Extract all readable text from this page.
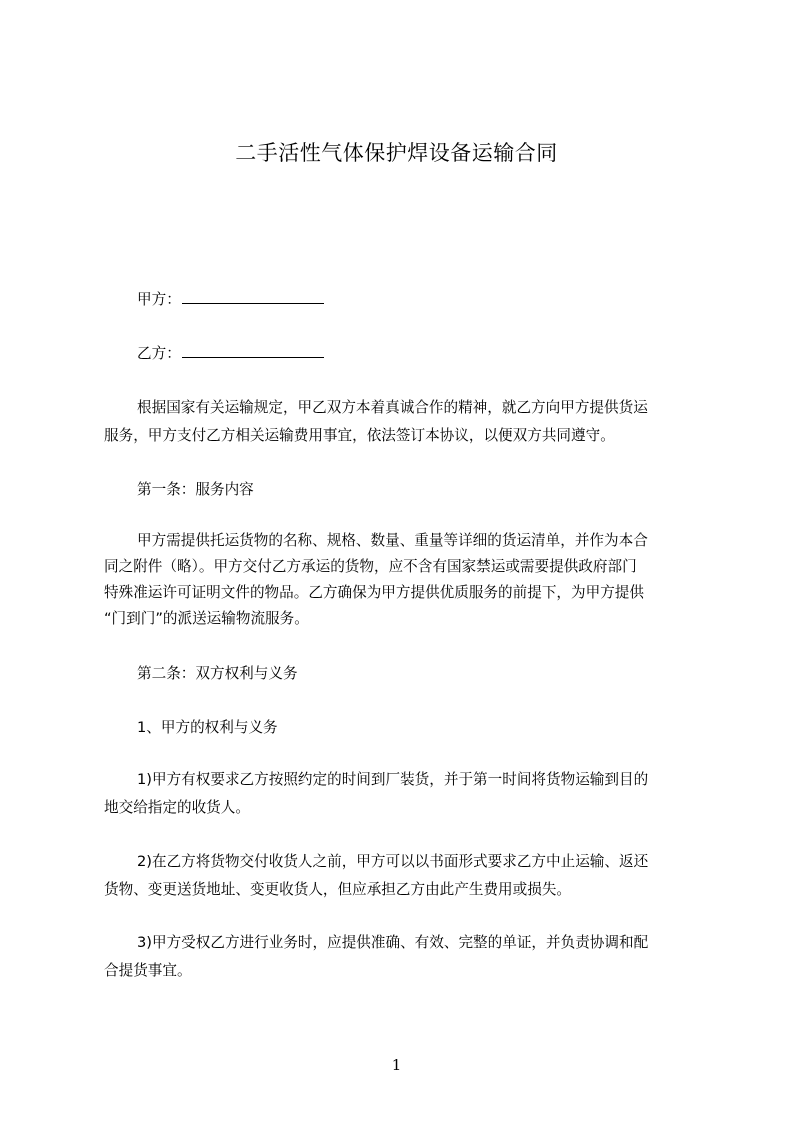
二手活性气体保护焊设备运输合同
甲方：
乙方：
根据国家有关运输规定，甲乙双方本着真诚合作的精神，就乙方向甲方提供货运
服务，甲方支付乙方相关运输费用事宜，依法签订本协议，以便双方共同遵守。
第一条：服务内容
甲方需提供托运货物的名称、规格、数量、重量等详细的货运清单，并作为本合
同之附件（略）。甲方交付乙方承运的货物，应不含有国家禁运或需要提供政府部门
特殊准运许可证明文件的物品。乙方确保为甲方提供优质服务的前提下，为甲方提供
“门到门”的派送运输物流服务。
第二条：双方权利与义务
1、甲方的权利与义务
1)甲方有权要求乙方按照约定的时间到厂装货，并于第一时间将货物运输到目的
地交给指定的收货人。
2)在乙方将货物交付收货人之前，甲方可以以书面形式要求乙方中止运输、返还
货物、变更送货地址、变更收货人，但应承担乙方由此产生费用或损失。
3)甲方受权乙方进行业务时，应提供准确、有效、完整的单证，并负责协调和配
合提货事宜。
1
